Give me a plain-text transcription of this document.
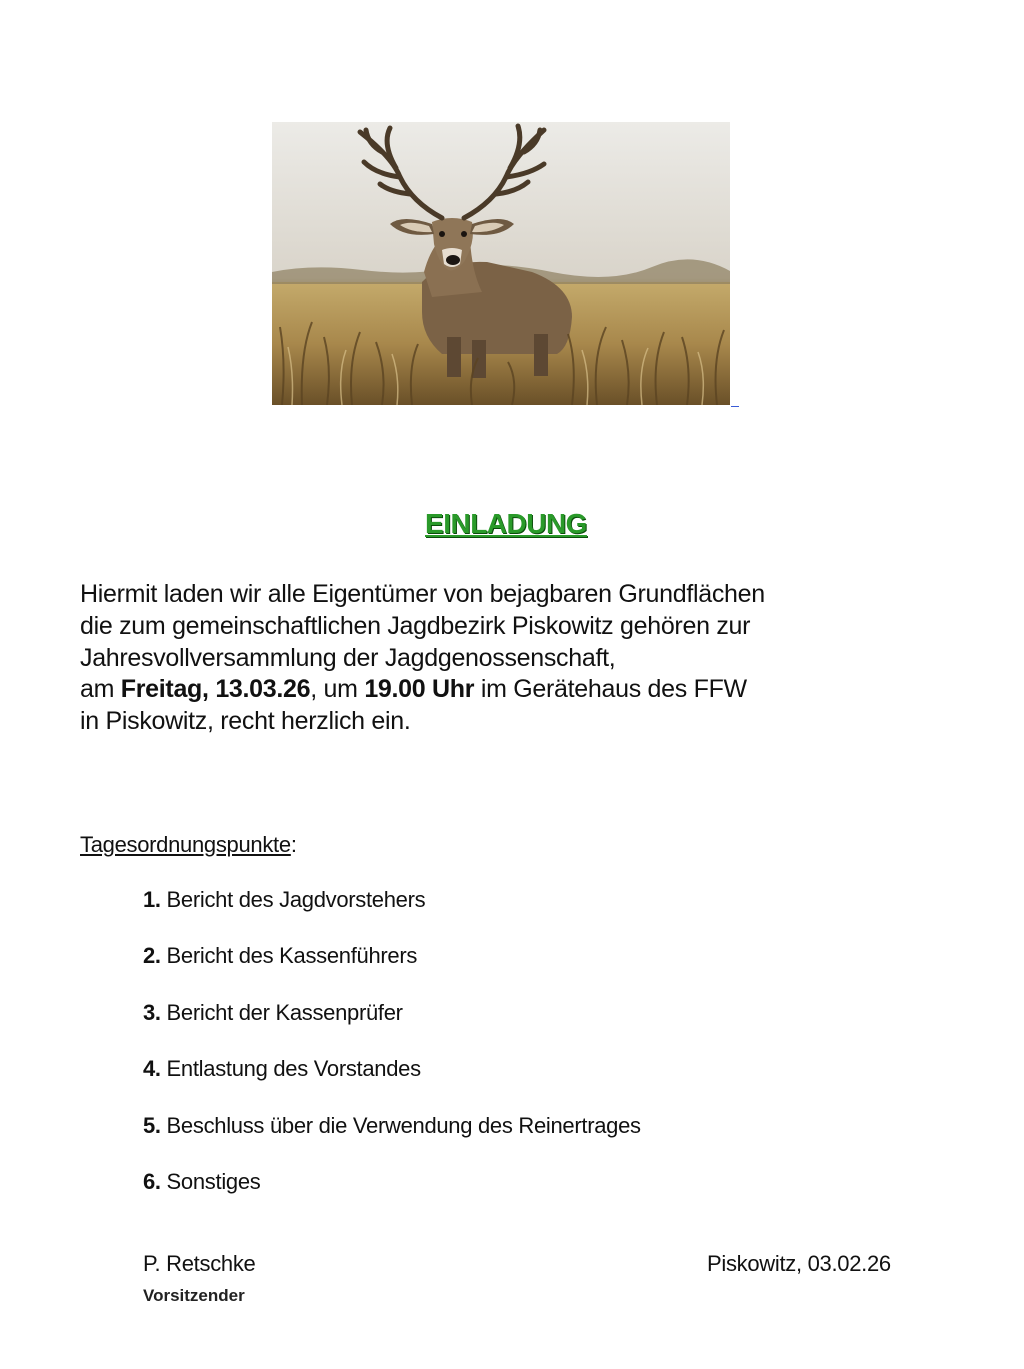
EINLADUNG
Hiermit laden wir alle Eigentümer von bejagbaren Grundflächen
die zum gemeinschaftlichen Jagdbezirk Piskowitz gehören zur
Jahresvollversammlung der Jagdgenossenschaft,
am Freitag, 13.03.26, um 19.00 Uhr im Gerätehaus des FFW
in Piskowitz, recht herzlich ein.
Tagesordnungspunkte:
1. Bericht des Jagdvorstehers
2. Bericht des Kassenführers
3. Bericht der Kassenprüfer
4. Entlastung des Vorstandes
5. Beschluss über die Verwendung des Reinertrages
6. Sonstiges
P. Retschke
Vorsitzender
Piskowitz, 03.02.26
